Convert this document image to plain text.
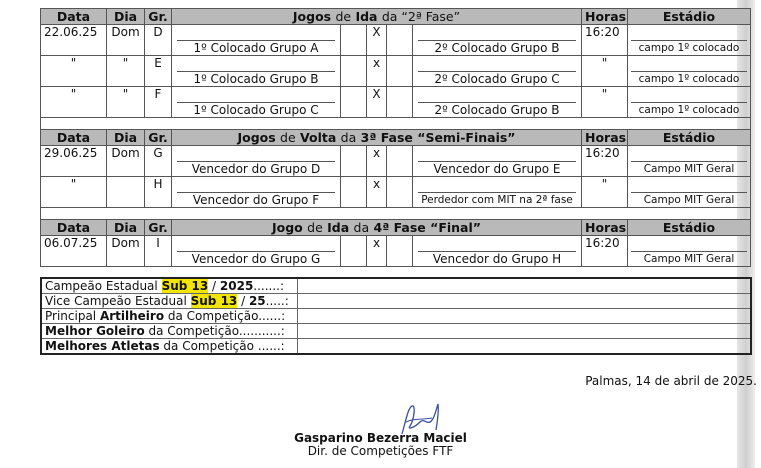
Data	Dia	Gr.	Jogos de Ida da “2ª Fase”					Horas	Estádio
22.06.25	Dom	D	1º Colocado Grupo A		X		2º Colocado Grupo B	16:20	campo 1º colocado

"	"	E	1º Colocado Grupo B		x		2º Colocado Grupo C	"	campo 1º colocado

"	"	F	1º Colocado Grupo C		X		2º Colocado Grupo B	"	campo 1º colocado

Data	Dia	Gr.	Jogos de Volta da 3ª Fase “Semi-Finais”					Horas	Estádio
29.06.25	Dom	G	Vencedor do Grupo D		x		Vencedor do Grupo E	16:20	Campo MIT Geral

"		H	Vencedor do Grupo F		x		Perdedor com MIT na 2ª fase	"	Campo MIT Geral

Data	Dia	Gr.	Jogo de Ida da 4ª Fase “Final”					Horas	Estádio
06.07.25	Dom	I	Vencedor do Grupo G		x		Vencedor do Grupo H	16:20	Campo MIT Geral
Campeão Estadual Sub 13 / 2025.......:	
Vice Campeão Estadual Sub 13 / 25.....:	
Principal Artilheiro da Competição......:	
Melhor Goleiro da Competição...........:	
Melhores Atletas da Competição ......:	
Palmas, 14 de abril de 2025.
Gasparino Bezerra Maciel
Dir. de Competições FTF
